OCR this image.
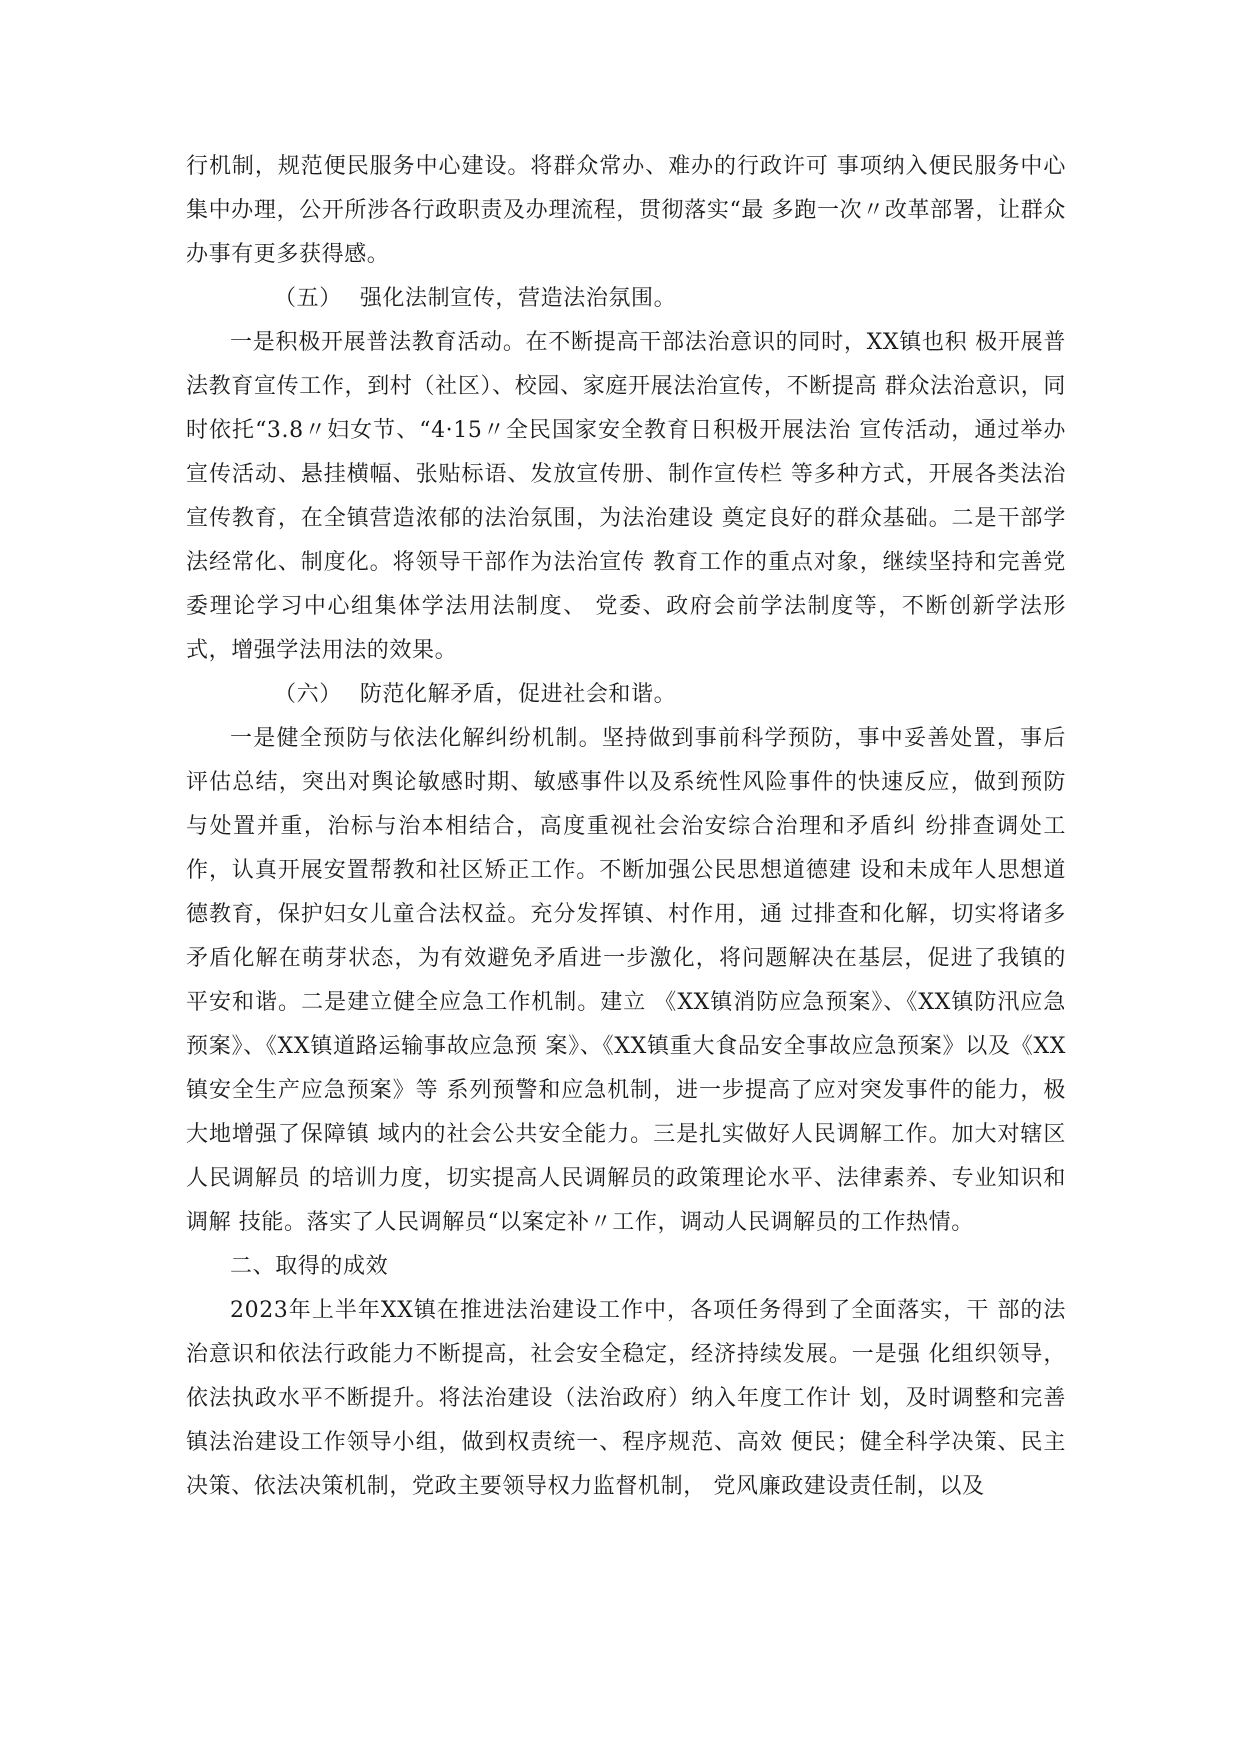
行机制，规范便民服务中心建设。将群众常办、难办的行政许可 事项纳入便民服务中心集中办理，公开所涉各行政职责及办理流程，贯彻落实“最 多跑一次〃改革部署，让群众办事有更多获得感。

（五） 强化法制宣传，营造法治氛围。

一是积极开展普法教育活动。在不断提高干部法治意识的同时，XX镇也积 极开展普法教育宣传工作，到村（社区）、校园、家庭开展法治宣传，不断提高 群众法治意识，同时依托“3.8〃妇女节、“4·15〃全民国家安全教育日积极开展法治 宣传活动，通过举办宣传活动、悬挂横幅、张贴标语、发放宣传册、制作宣传栏 等多种方式，开展各类法治宣传教育，在全镇营造浓郁的法治氛围，为法治建设 奠定良好的群众基础。二是干部学法经常化、制度化。将领导干部作为法治宣传 教育工作的重点对象，继续坚持和完善党委理论学习中心组集体学法用法制度、 党委、政府会前学法制度等，不断创新学法形式，增强学法用法的效果。

（六） 防范化解矛盾，促进社会和谐。

一是健全预防与依法化解纠纷机制。坚持做到事前科学预防，事中妥善处置，事后评估总结，突出对舆论敏感时期、敏感事件以及系统性风险事件的快速反应，做到预防与处置并重，治标与治本相结合，高度重视社会治安综合治理和矛盾纠 纷排查调处工作，认真开展安置帮教和社区矫正工作。不断加强公民思想道德建 设和未成年人思想道德教育，保护妇女儿童合法权益。充分发挥镇、村作用，通 过排查和化解，切实将诸多矛盾化解在萌芽状态，为有效避免矛盾进一步激化，将问题解决在基层，促进了我镇的平安和谐。二是建立健全应急工作机制。建立 《XX镇消防应急预案》、《XX镇防汛应急预案》、《XX镇道路运输事故应急预 案》、《XX镇重大食品安全事故应急预案》以及《XX镇安全生产应急预案》等 系列预警和应急机制，进一步提高了应对突发事件的能力，极大地增强了保障镇 域内的社会公共安全能力。三是扎实做好人民调解工作。加大对辖区人民调解员 的培训力度，切实提高人民调解员的政策理论水平、法律素养、专业知识和调解 技能。落实了人民调解员“以案定补〃工作，调动人民调解员的工作热情。

二、取得的成效

2023年上半年XX镇在推进法治建设工作中，各项任务得到了全面落实，干 部的法治意识和依法行政能力不断提高，社会安全稳定，经济持续发展。一是强 化组织领导，依法执政水平不断提升。将法治建设（法治政府）纳入年度工作计 划，及时调整和完善镇法治建设工作领导小组，做到权责统一、程序规范、高效 便民；健全科学决策、民主决策、依法决策机制，党政主要领导权力监督机制， 党风廉政建设责任制，以及
